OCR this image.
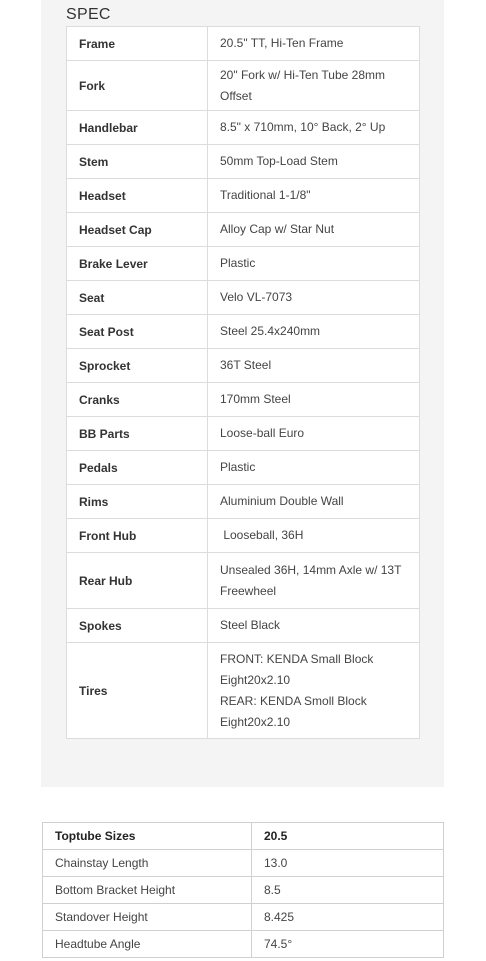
SPEC
Frame	20.5" TT, Hi-Ten Frame

Fork	20" Fork w/ Hi-Ten Tube 28mm
Offset

Handlebar	8.5" x 710mm, 10° Back, 2° Up

Stem	50mm Top-Load Stem

Headset	Traditional 1-1/8"

Headset Cap	Alloy Cap w/ Star Nut

Brake Lever	Plastic

Seat	Velo VL-7073

Seat Post	Steel 25.4x240mm

Sprocket	36T Steel

Cranks	170mm Steel

BB Parts	Loose-ball Euro

Pedals	Plastic

Rims	Aluminium Double Wall

Front Hub	Looseball, 36H

Rear Hub	Unsealed 36H, 14mm Axle w/ 13T
Freewheel

Spokes	Steel Black

Tires	FRONT: KENDA Small Block
Eight20x2.10
REAR: KENDA Smoll Block
Eight20x2.10
Toptube Sizes	20.5
Chainstay Length	13.0
Bottom Bracket Height	8.5
Standover Height	8.425
Headtube Angle	74.5°
